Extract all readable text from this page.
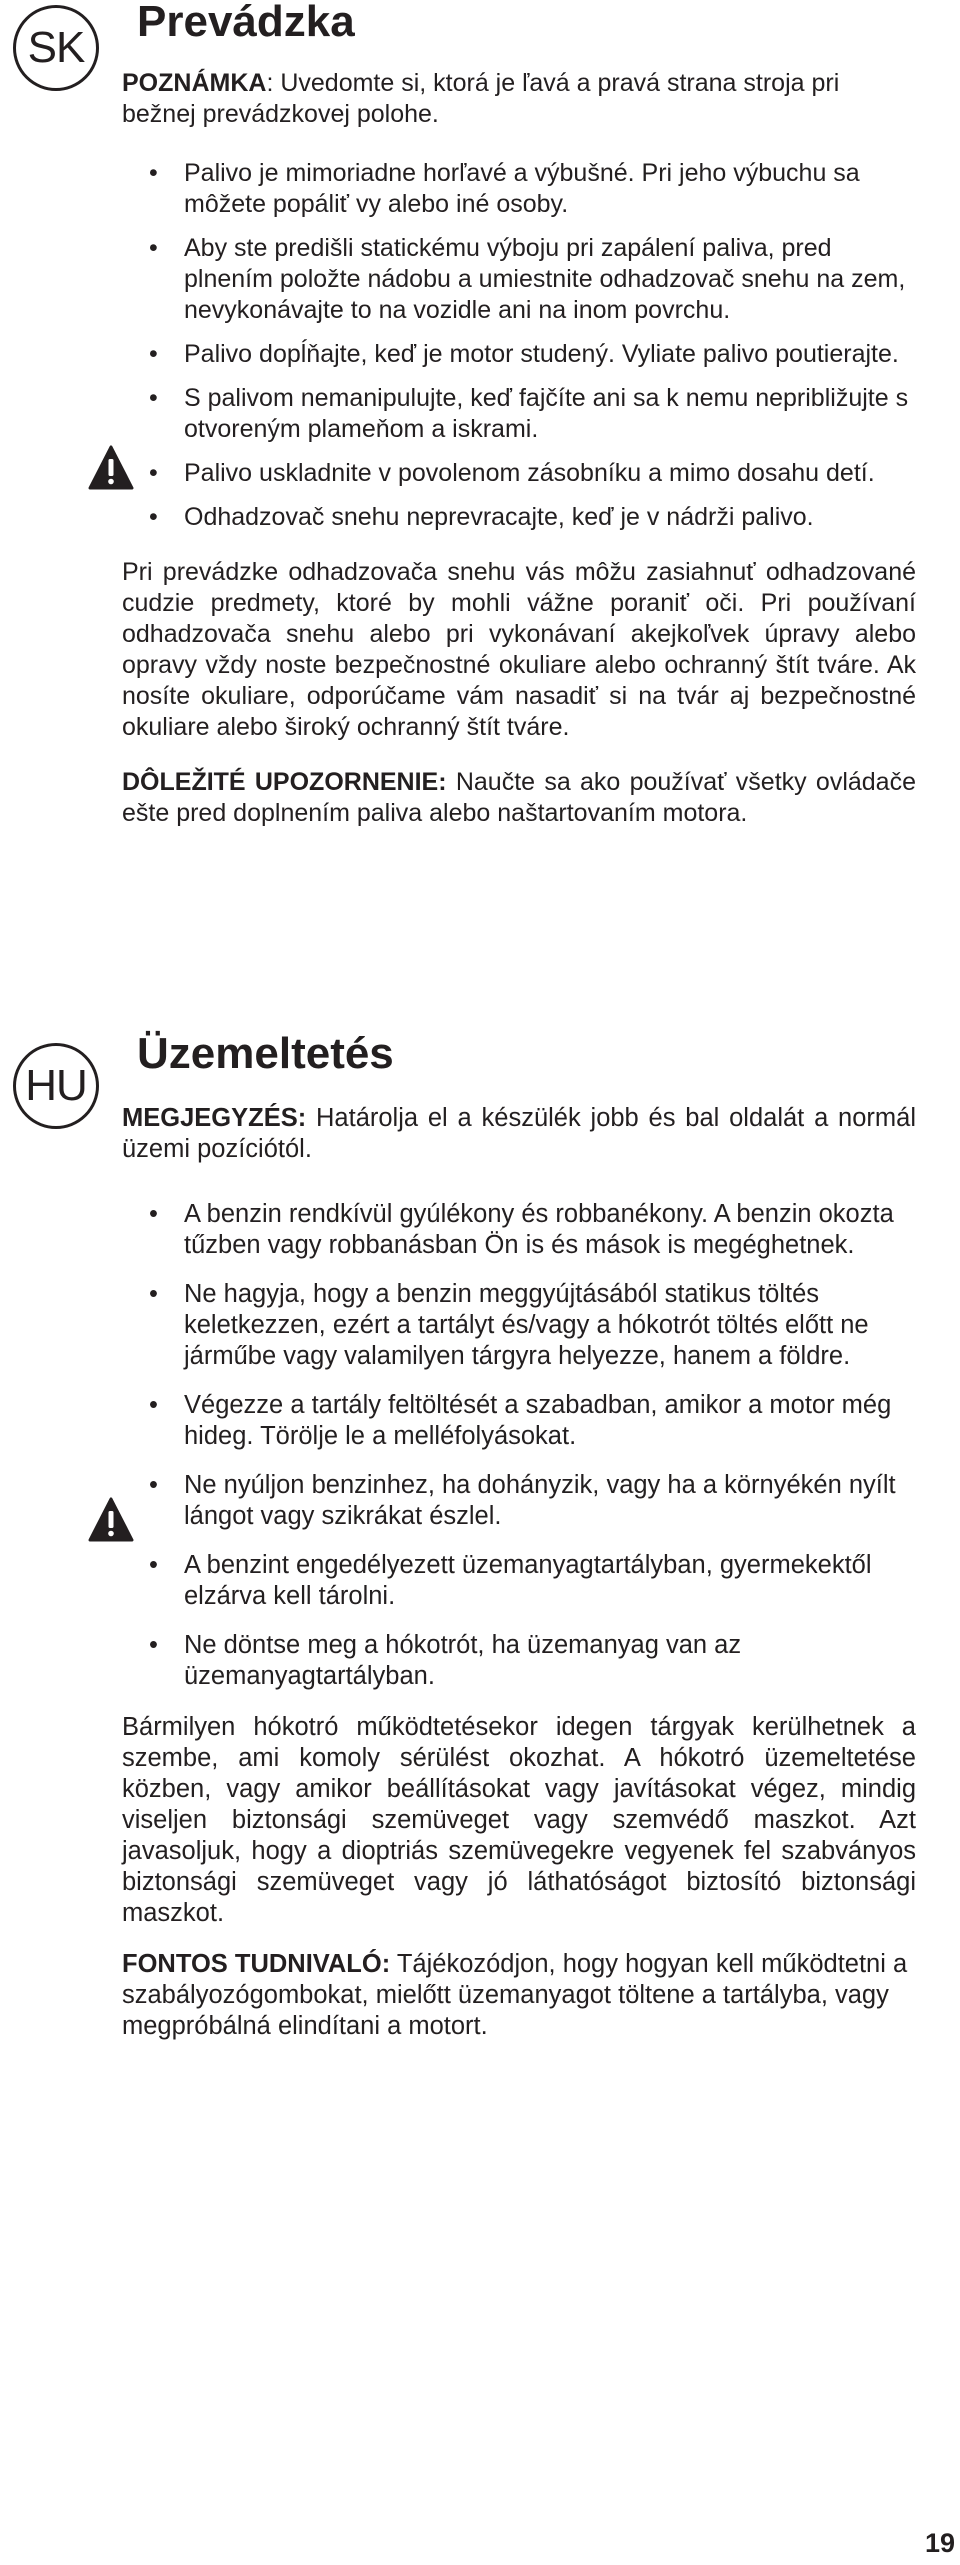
SK
Prevádzka

POZNÁMKA: Uvedomte si, ktorá je ľavá a pravá strana stroja pri bežnej prevádzkovej polohe.

• Palivo je mimoriadne horľavé a výbušné. Pri jeho výbuchu sa môžete popáliť vy alebo iné osoby.
• Aby ste predišli statickému výboju pri zapálení paliva, pred plnením položte nádobu a umiestnite odhadzovač snehu na zem, nevykonávajte to na vozidle ani na inom povrchu.
• Palivo dopĺňajte, keď je motor studený. Vyliate palivo poutierajte.
• S palivom nemanipulujte, keď fajčíte ani sa k nemu nepribližujte s otvoreným plameňom a iskrami.
• Palivo uskladnite v povolenom zásobníku a mimo dosahu detí.
• Odhadzovač snehu neprevracajte, keď je v nádrži palivo.

Pri prevádzke odhadzovača snehu vás môžu zasiahnuť odhadzované cudzie predmety, ktoré by mohli vážne poraniť oči. Pri používaní odhadzovača snehu alebo pri vykonávaní akejkoľvek úpravy alebo opravy vždy noste bezpečnostné okuliare alebo ochranný štít tváre. Ak nosíte okuliare, odporúčame vám nasadiť si na tvár aj bezpečnostné okuliare alebo široký ochranný štít tváre.

DÔLEŽITÉ UPOZORNENIE: Naučte sa ako používať všetky ovládače ešte pred doplnením paliva alebo naštartovaním motora.

HU
Üzemeltetés

MEGJEGYZÉS: Határolja el a készülék jobb és bal oldalát a normál üzemi pozíciótól.

• A benzin rendkívül gyúlékony és robbanékony. A benzin okozta tűzben vagy robbanásban Ön is és mások is megéghetnek.
• Ne hagyja, hogy a benzin meggyújtásából statikus töltés keletkezzen, ezért a tartályt és/vagy a hókotrót töltés előtt ne járműbe vagy valamilyen tárgyra helyezze, hanem a földre.
• Végezze a tartály feltöltését a szabadban, amikor a motor még hideg. Törölje le a melléfolyásokat.
• Ne nyúljon benzinhez, ha dohányzik, vagy ha a környékén nyílt lángot vagy szikrákat észlel.
• A benzint engedélyezett üzemanyagtartályban, gyermekektől elzárva kell tárolni.
• Ne döntse meg a hókotrót, ha üzemanyag van az üzemanyagtartályban.

Bármilyen hókotró működtetésekor idegen tárgyak kerülhetnek a szembe, ami komoly sérülést okozhat. A hókotró üzemeltetése közben, vagy amikor beállításokat vagy javításokat végez, mindig viseljen biztonsági szemüveget vagy szemvédő maszkot. Azt javasoljuk, hogy a dioptriás szemüvegekre vegyenek fel szabványos biztonsági szemüveget vagy jó láthatóságot biztosító biztonsági maszkot.

FONTOS TUDNIVALÓ: Tájékozódjon, hogy hogyan kell működtetni a szabályozógombokat, mielőtt üzemanyagot töltene a tartályba, vagy megpróbálná elindítani a motort.

19
